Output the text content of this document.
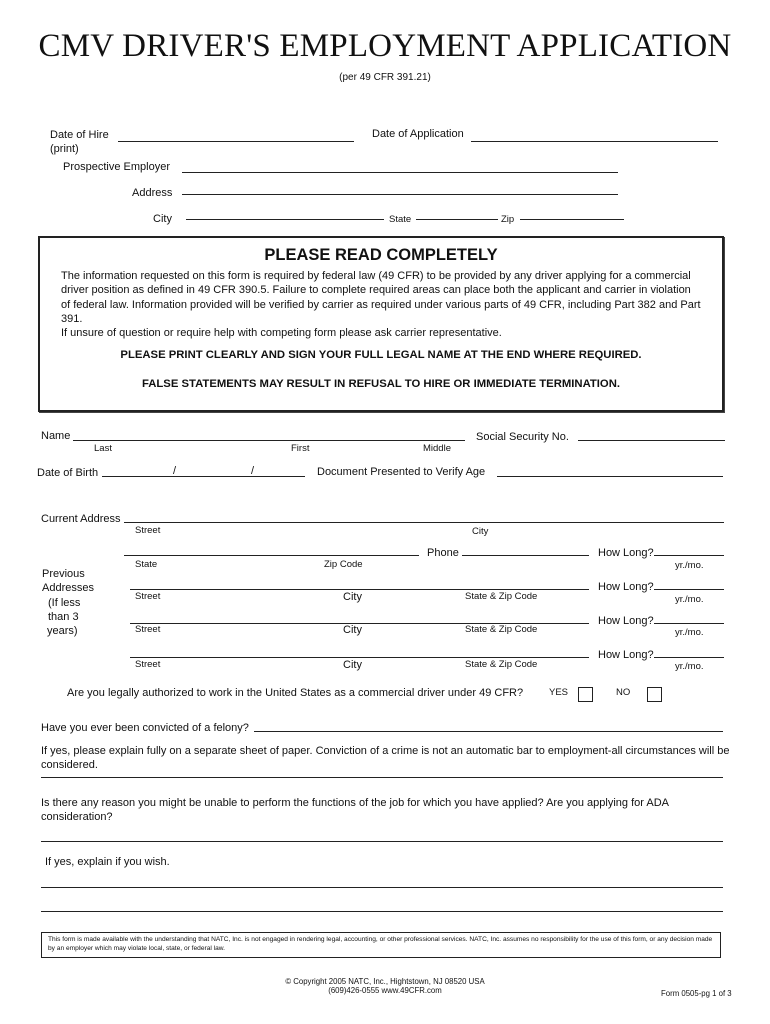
CMV DRIVER'S EMPLOYMENT APPLICATION
(per 49 CFR 391.21)
Date of Hire
(print)
Date of Application
Prospective Employer
Address
City	State	Zip
PLEASE READ COMPLETELY
The information requested on this form is required by federal law (49 CFR) to be provided by any driver applying for a commercial driver position as defined in 49 CFR 390.5. Failure to complete required areas can place both the applicant and carrier in violation of federal law. Information provided will be verified by carrier as required under various parts of 49 CFR, including Part 382 and Part 391.
If unsure of question or require help with competing form please ask carrier representative.
PLEASE PRINT CLEARLY AND SIGN YOUR FULL LEGAL NAME AT THE END WHERE REQUIRED.
FALSE STATEMENTS MAY RESULT IN REFUSAL TO HIRE OR IMMEDIATE TERMINATION.
Name
Last	First	Middle
Social Security No.
Date of Birth	/	/	Document Presented to Verify Age
Current Address
Street	City
Phone	How Long?
State	Zip Code	yr./mo.
Previous
Addresses
(If less
than 3
years)
How Long?
Street	City	State & Zip Code	yr./mo.
How Long?
Street	City	State & Zip Code	yr./mo.
How Long?
Street	City	State & Zip Code	yr./mo.
Are you legally authorized to work in the United States as a commercial driver under 49 CFR?	YES	NO
Have you ever been convicted of a felony?
If yes, please explain fully on a separate sheet of paper. Conviction of a crime is not an automatic bar to employment-all circumstances will be considered.
Is there any reason you might be unable to perform the functions of the job for which you have applied? Are you applying for ADA consideration?
If yes, explain if you wish.
This form is made available with the understanding that NATC, Inc. is not engaged in rendering legal, accounting, or other professional services. NATC, Inc. assumes no responsibility for the use of this form, or any decision made by an employer which may violate local, state, or federal law.
© Copyright 2005 NATC, Inc., Hightstown, NJ 08520 USA
(609)426-0555 www.49CFR.com	Form 0505-pg 1 of 3
